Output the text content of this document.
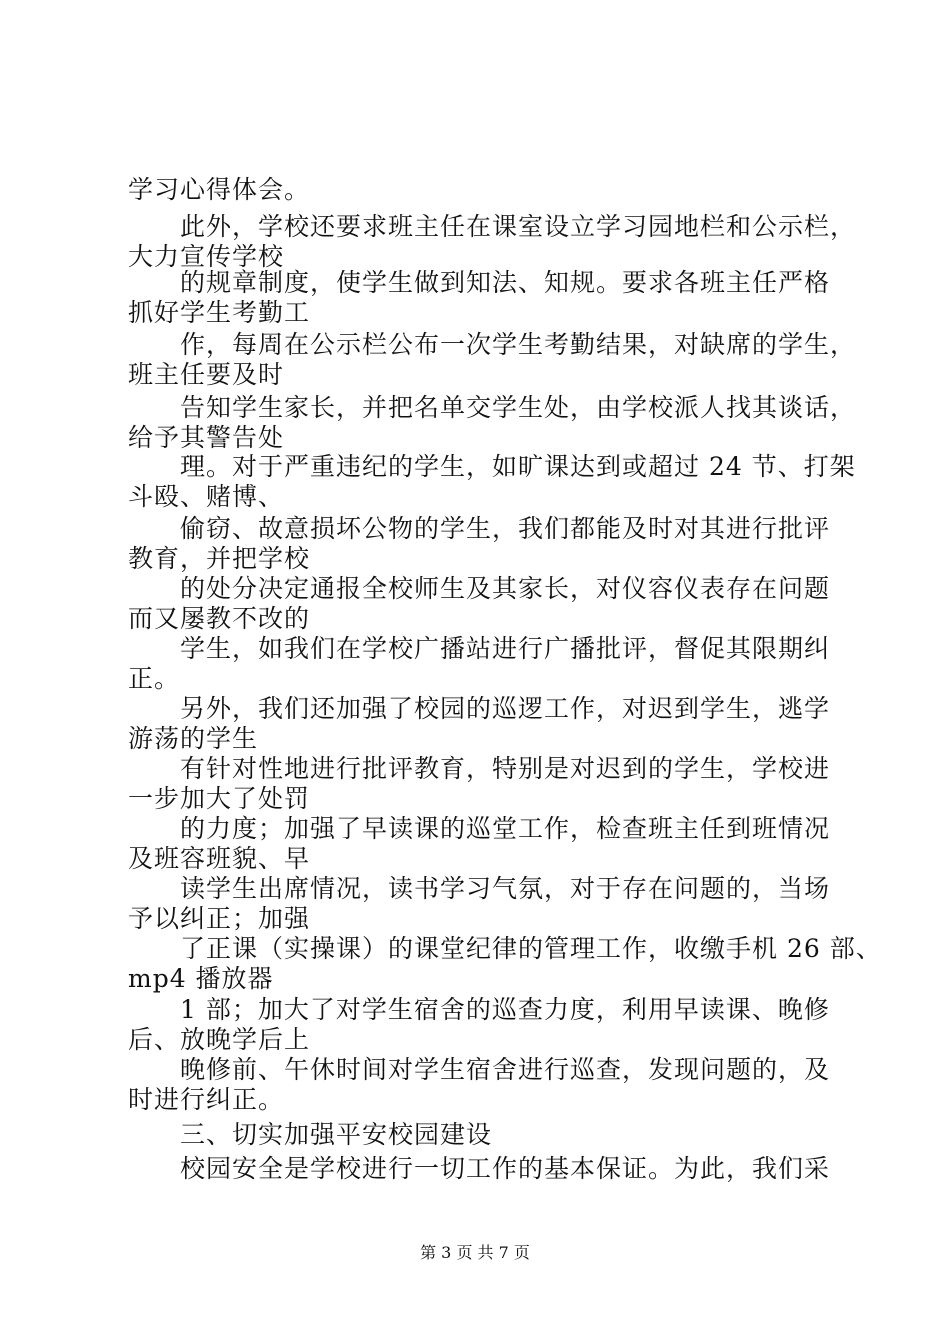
学习心得体会。
此外，学校还要求班主任在课室设立学习园地栏和公示栏，
大力宣传学校
的规章制度，使学生做到知法、知规。要求各班主任严格
抓好学生考勤工
作，每周在公示栏公布一次学生考勤结果，对缺席的学生，
班主任要及时
告知学生家长，并把名单交学生处，由学校派人找其谈话，
给予其警告处
理。对于严重违纪的学生，如旷课达到或超过 24 节、打架
斗殴、赌博、
偷窃、故意损坏公物的学生，我们都能及时对其进行批评
教育，并把学校
的处分决定通报全校师生及其家长，对仪容仪表存在问题
而又屡教不改的
学生，如我们在学校广播站进行广播批评，督促其限期纠
正。
另外，我们还加强了校园的巡逻工作，对迟到学生，逃学
游荡的学生
有针对性地进行批评教育，特别是对迟到的学生，学校进
一步加大了处罚
的力度；加强了早读课的巡堂工作，检查班主任到班情况
及班容班貌、早
读学生出席情况，读书学习气氛，对于存在问题的，当场
予以纠正；加强
了正课（实操课）的课堂纪律的管理工作，收缴手机 26 部、
mp4 播放器
1 部；加大了对学生宿舍的巡查力度，利用早读课、晚修
后、放晚学后上
晚修前、午休时间对学生宿舍进行巡查，发现问题的，及
时进行纠正。
三、切实加强平安校园建设
校园安全是学校进行一切工作的基本保证。为此，我们采
第 3 页 共 7 页
